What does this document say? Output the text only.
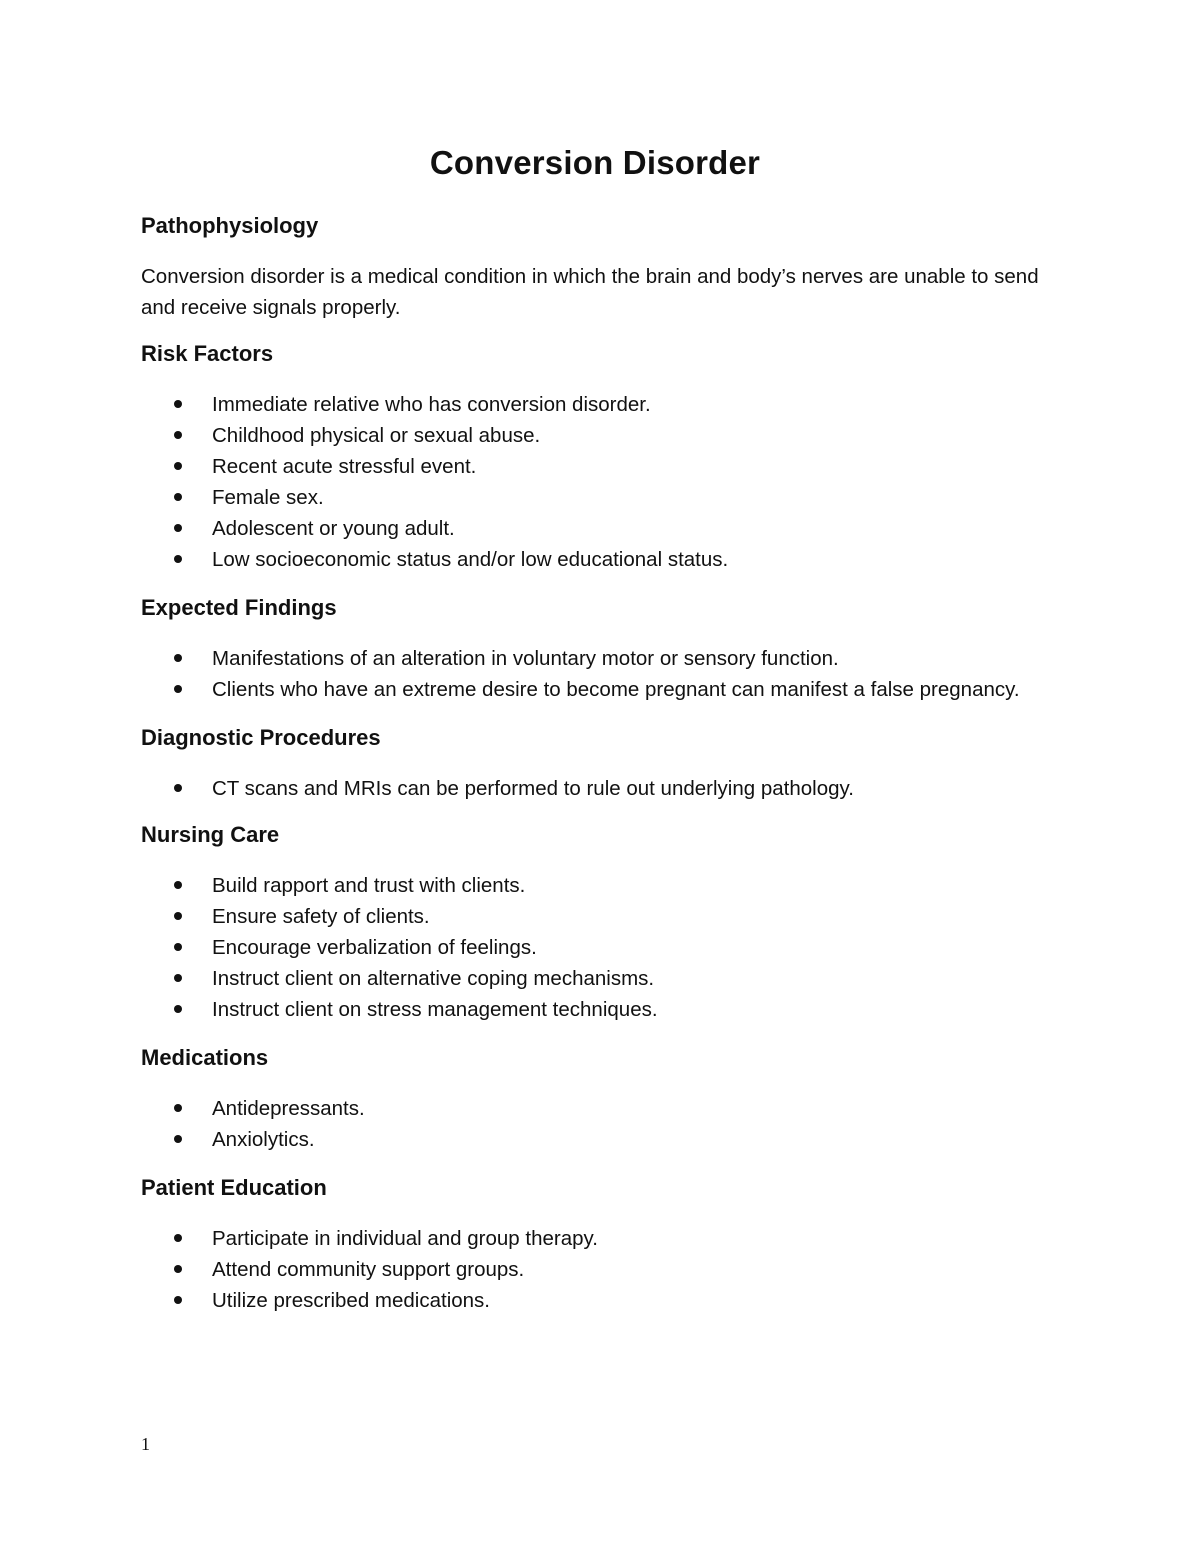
Conversion Disorder
Pathophysiology
Conversion disorder is a medical condition in which the brain and body’s nerves are unable to send and receive signals properly.
Risk Factors
Immediate relative who has conversion disorder.
Childhood physical or sexual abuse.
Recent acute stressful event.
Female sex.
Adolescent or young adult.
Low socioeconomic status and/or low educational status.
Expected Findings
Manifestations of an alteration in voluntary motor or sensory function.
Clients who have an extreme desire to become pregnant can manifest a false pregnancy.
Diagnostic Procedures
CT scans and MRIs can be performed to rule out underlying pathology.
Nursing Care
Build rapport and trust with clients.
Ensure safety of clients.
Encourage verbalization of feelings.
Instruct client on alternative coping mechanisms.
Instruct client on stress management techniques.
Medications
Antidepressants.
Anxiolytics.
Patient Education
Participate in individual and group therapy.
Attend community support groups.
Utilize prescribed medications.
1
